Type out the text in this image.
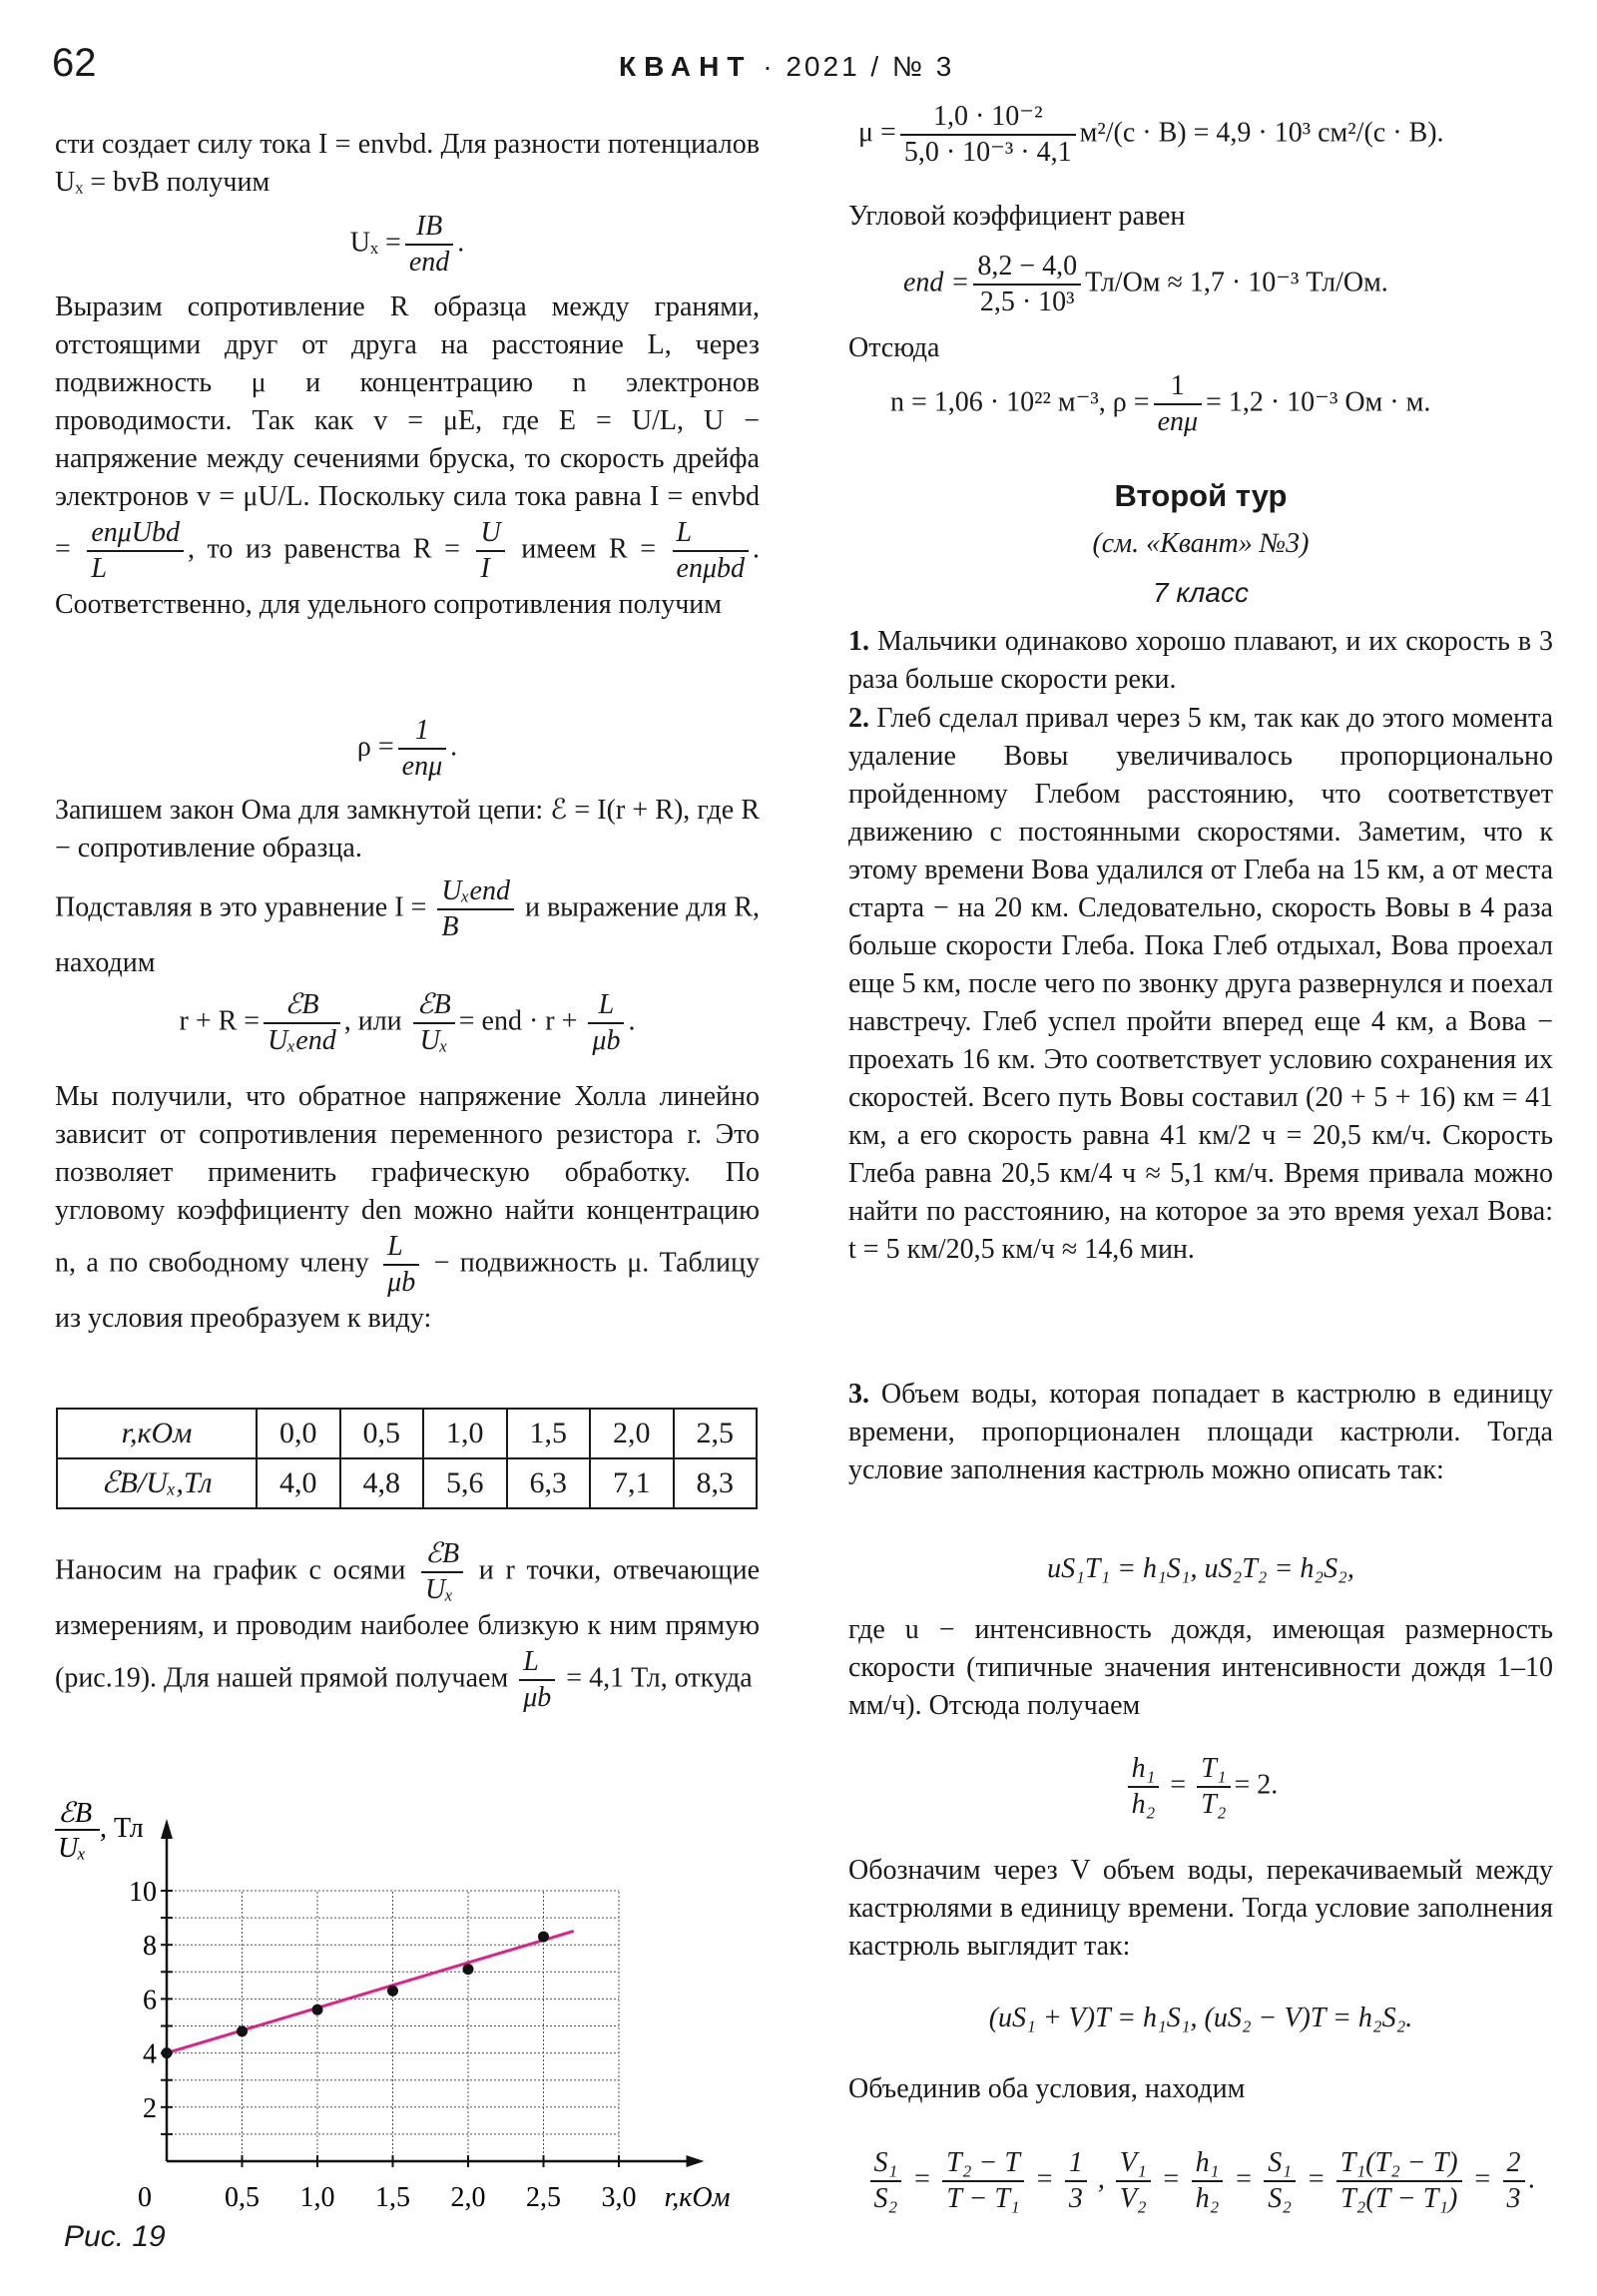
62	КВАНТ · 2021 / № 3
сти создает силу тока I = envbd. Для разности потенциалов Uₓ = bvB получим
$U_x = \frac{IB}{\text{end}}$ .
Выразим сопротивление R образца между гранями, отстоящими друг от друга на расстояние L, через подвижность μ и концентрацию n электронов проводимости. Так как v = μE, где E = U/L, U − напряжение между сечениями бруска, то скорость дрейфа электронов v = μU/L. Поскольку сила тока равна I = envbd = $\frac{\text{enμUbd}}{L}$ , то из равенства $R = \frac{U}{I}$ имеем $R = \frac{L}{\text{enμbd}}$ . Соответственно, для удельного сопротивления получим
$\rho = \frac{1}{\text{enμ}}$ .
Запишем закон Ома для замкнутой цепи: ℰ = I(r + R), где R − сопротивление образца.
Подставляя в это уравнение $I = \frac{\text{Uₓend}}{B}$ и выражение для R, находим
$r + R = \frac{\text{ℰB}}{\text{Uₓend}}$ , или $\frac{\text{ℰB}}{\text{Uₓ}}$ = end · $r + \frac{L}{\mu b}$ .
Мы получили, что обратное напряжение Холла линейно зависит от сопротивления переменного резистора r. Это позволяет применить графическую обработку. По угловому коэффициенту den можно найти концентрацию n, а по свободному члену $\frac{L}{\mu b}$ − подвижность μ. Таблицу из условия преобразуем к виду:
r,кОм	0,0	0,5	1,0	1,5	2,0	2,5
ℰB/Uₓ,Тл	4,0	4,8	5,6	6,3	7,1	8,3
Наносим на график с осями $\frac{\text{ℰB}}{\text{Uₓ}}$ и r точки, отвечающие измерениям, и проводим наиболее близкую к ним прямую (рис.19). Для нашей прямой получаем $\frac{L}{\mu b} = 4,1$ Тл, откуда
0	0,5 1,0 1,5 2,0 2,5 3,0
2
4
6
8
10
r,кОм
ℰB
Uₓ
, Тл
Рис. 19
$\mu = \frac{\text{1,0 · 10⁻²}}{\text{5,0 · 10⁻³ · 4,1}} м^2/(с \cdot В) = 4,9 \cdot 10^3$ см²/(с · В).
Угловой коэффициент равен
end = $\frac{8,2 - 4,0}{\text{2,5 · 10³}} Тл/Ом \approx 1,7 \cdot 10^{-3}$ Тл/Ом.
Отсюда
n = 1,06 · 10²² м⁻³, $\rho = \frac{1}{\text{enμ}} = 1,2 \cdot 10^{-3}$ Ом · м.
Второй тур
(см. «Квант» №3)
7 класс
1. Мальчики одинаково хорошо плавают, и их скорость в 3 раза больше скорости реки.
2. Глеб сделал привал через 5 км, так как до этого момента удаление Вовы увеличивалось пропорционально пройденному Глебом расстоянию, что соответствует движению с постоянными скоростями. Заметим, что к этому времени Вова удалился от Глеба на 15 км, а от места старта − на 20 км. Следовательно, скорость Вовы в 4 раза больше скорости Глеба. Пока Глеб отдыхал, Вова проехал еще 5 км, после чего по звонку друга развернулся и поехал навстречу. Глеб успел пройти вперед еще 4 км, а Вова − проехать 16 км. Это соответствует условию сохранения их скоростей. Всего путь Вовы составил (20 + 5 + 16) км = 41 км, а его скорость равна 41 км/2 ч = 20,5 км/ч. Скорость Глеба равна 20,5 км/4 ч ≈ 5,1 км/ч. Время привала можно найти по расстоянию, на которое за это время уехал Вова: t = 5 км/20,5 км/ч ≈ 14,6 мин.
3. Объем воды, которая попадает в кастрюлю в единицу времени, пропорционален площади кастрюли. Тогда условие заполнения кастрюль можно описать так:
uS₁T₁ = h₁S₁, uS₂T₂ = h₂S₂,
где u − интенсивность дождя, имеющая размерность скорости (типичные значения интенсивности дождя 1–10 мм/ч). Отсюда получаем
$\frac{\text{h₁}}{\text{h₂}} = \frac{\text{T₁}}{\text{T₂}} = 2$.
Обозначим через V объем воды, перекачиваемый между кастрюлями в единицу времени. Тогда условие заполнения кастрюль выглядит так:
(uS₁ + V)T = h₁S₁, (uS₂ − V)T = h₂S₂.
Объединив оба условия, находим
$\frac{\text{S₁}}{\text{S₂}} = \frac{\text{T₂ − T}}{\text{T − T₁}} = \frac{1}{3}$ , $\frac{\text{V₁}}{\text{V₂}} = \frac{\text{h₁}}{\text{h₂}} = \frac{\text{S₁}}{\text{S₂}} = \frac{\text{T₁(T₂ − T)}}{\text{T₂(T − T₁)}} = \frac{2}{3}$ .
